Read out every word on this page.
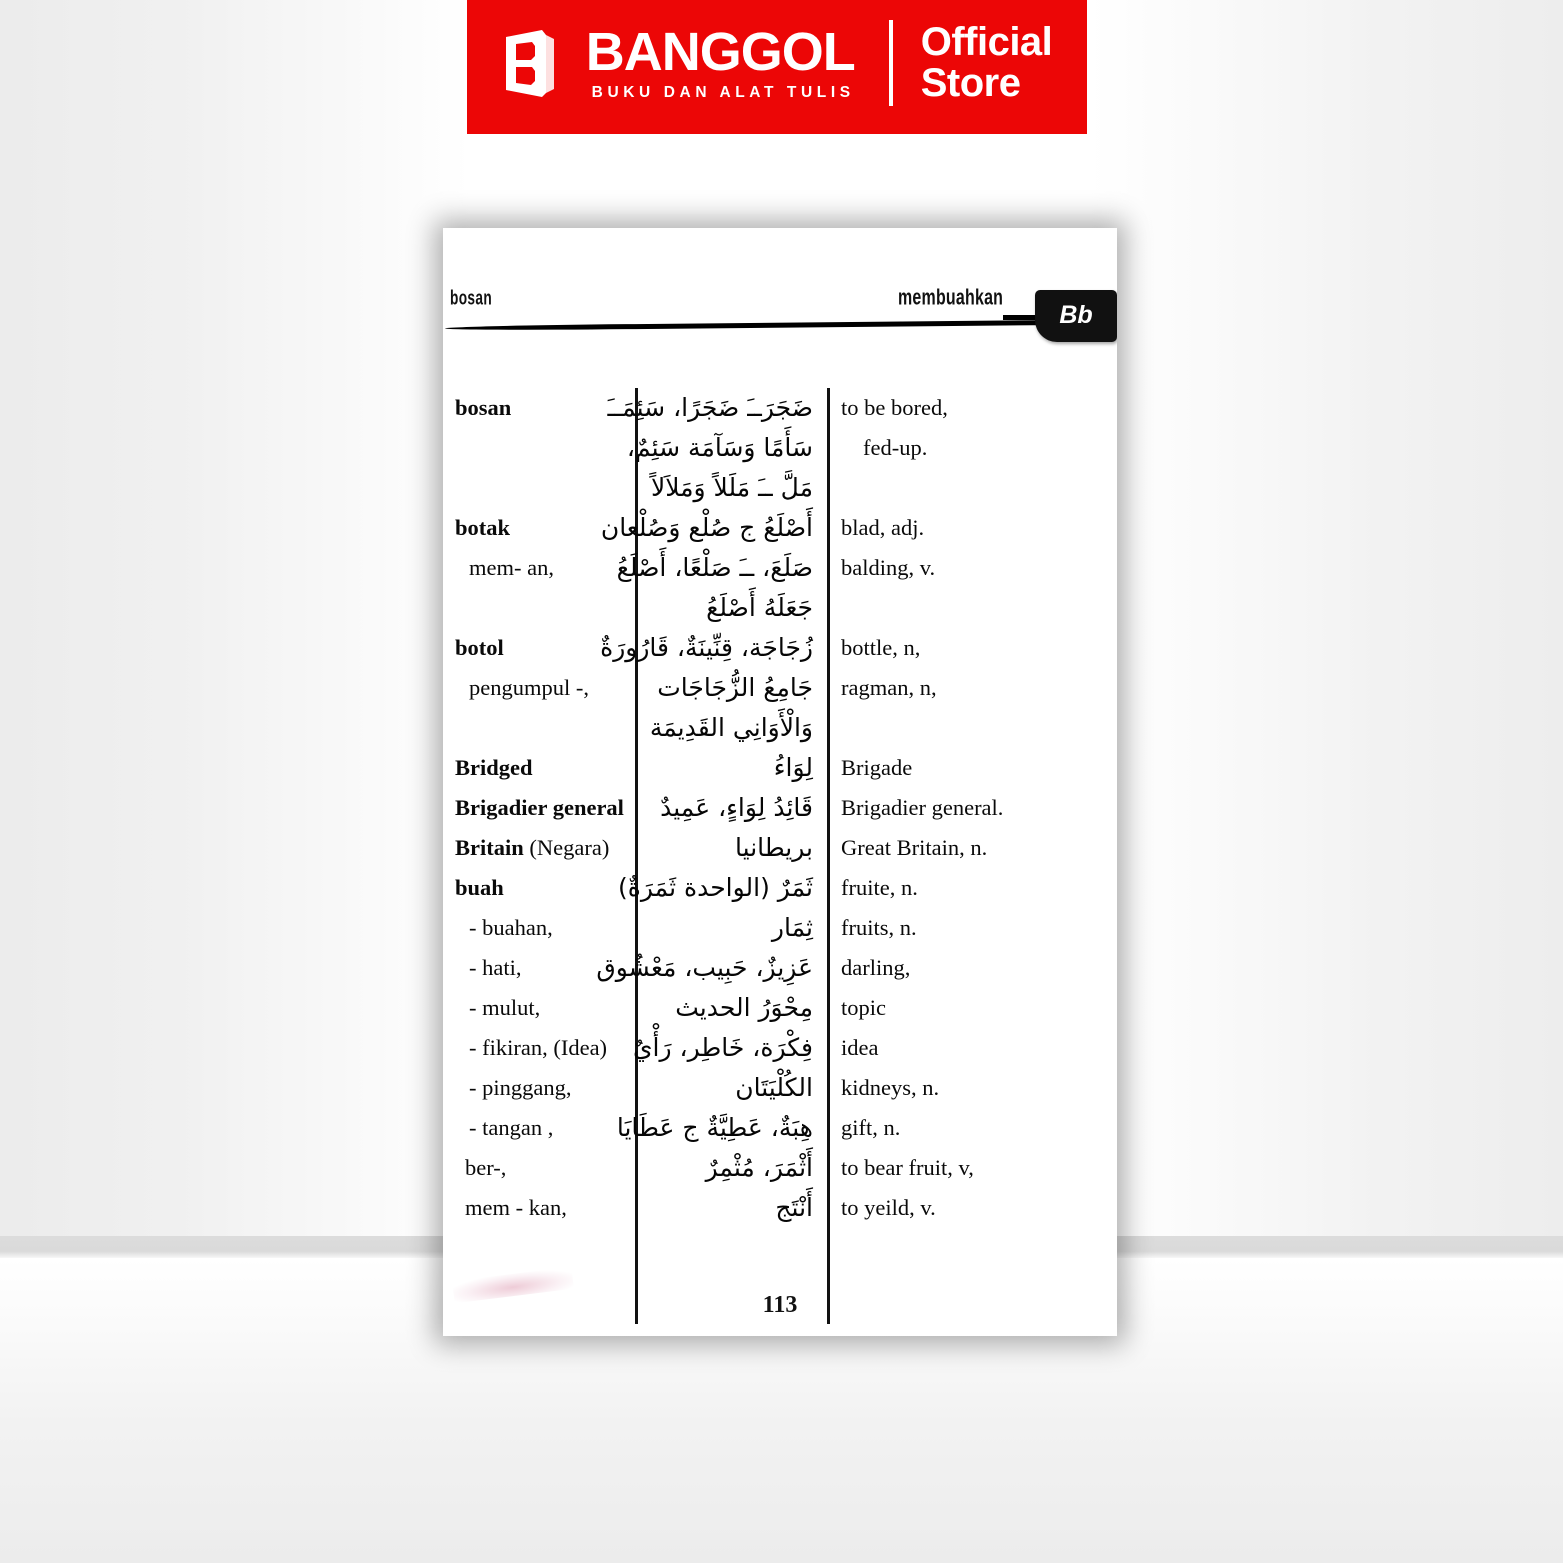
BANGGOL
BUKU DAN ALAT TULIS
Official
Store
bosan	membuahkan
Bb
bosan	ضَجَرَــَ ضَجَرًا، سَئِمَــَ to be bored,

سَأَمًا وَسَآمَة سَئِمٌ،	fed-up.

مَلَّ ــَ مَلَلاً وَمَلاَلاً

botak	أَصْلَعُ ج صُلْع وَصُلْعان blad, adj.
mem- an,	صَلَعَ، ــَ صَلْعًا، أَصْلَعُ balding, v.

جَعَلَهُ أَصْلَعُ

botol	زُجَاجَة، قِنِّينَةٌ، قَارُورَةٌ bottle, n,
pengumpul -,	جَامِعُ الزُّجَاجَات ragman, n,

وَالْأَوَانِي القَدِيمَة

Bridged	لِوَاءُ Brigade
Brigadier general	قَائِدُ لِوَاءٍ، عَمِيدٌ Brigadier general.
Britain (Negara)	بريطانيا Great Britain, n.
buah	ثَمَرٌ (الواحدة ثَمَرَةٌ) fruite, n.
- buahan,	ثِمَار fruits, n.
- hati,	عَزِيزٌ، حَبِيب، مَعْشُوق darling,
- mulut,	مِحْوَرُ الحديث topic
- fikiran, (Idea)	فِكْرَة، خَاطِر، رَأْيٌ idea
- pinggang,	الكُلْيَتَان kidneys, n.
- tangan ,	هِبَةٌ، عَطِيَّةٌ ج عَطَايَا gift, n.
ber-,	أَثْمَرَ، مُثْمِرٌ to bear fruit, v,
mem - kan,	أَنْتَج to yeild, v.
113
